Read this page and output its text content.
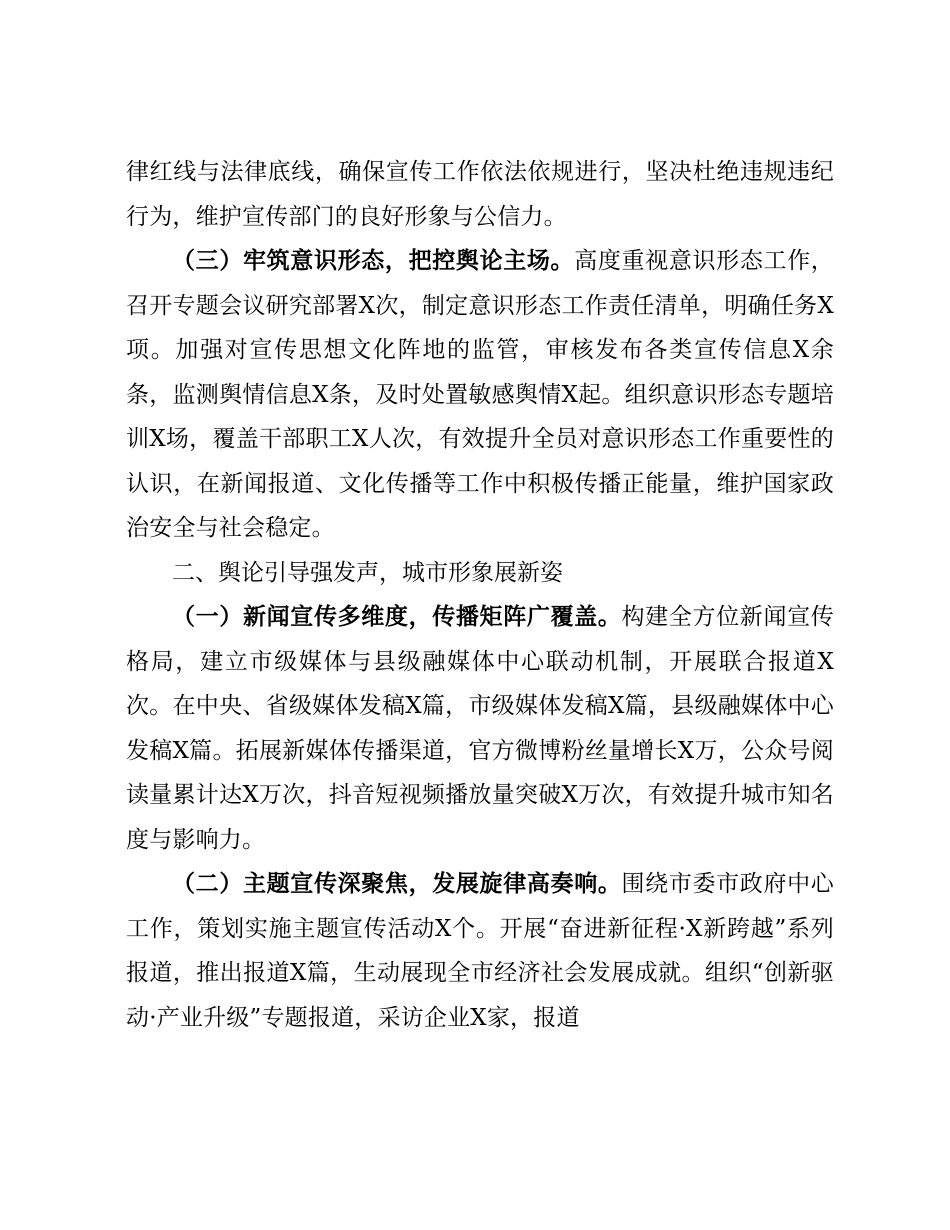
律红线与法律底线，确保宣传工作依法依规进行，坚决杜绝违规违纪行为，维护宣传部门的良好形象与公信力。

（三）牢筑意识形态，把控舆论主场。高度重视意识形态工作，召开专题会议研究部署X次，制定意识形态工作责任清单，明确任务X项。加强对宣传思想文化阵地的监管，审核发布各类宣传信息X余条，监测舆情信息X条，及时处置敏感舆情X起。组织意识形态专题培训X场，覆盖干部职工X人次，有效提升全员对意识形态工作重要性的认识，在新闻报道、文化传播等工作中积极传播正能量，维护国家政治安全与社会稳定。

二、舆论引导强发声，城市形象展新姿

（一）新闻宣传多维度，传播矩阵广覆盖。构建全方位新闻宣传格局，建立市级媒体与县级融媒体中心联动机制，开展联合报道X次。在中央、省级媒体发稿X篇，市级媒体发稿X篇，县级融媒体中心发稿X篇。拓展新媒体传播渠道，官方微博粉丝量增长X万，公众号阅读量累计达X万次，抖音短视频播放量突破X万次，有效提升城市知名度与影响力。

（二）主题宣传深聚焦，发展旋律高奏响。围绕市委市政府中心工作，策划实施主题宣传活动X个。开展“奋进新征程·X新跨越”系列报道，推出报道X篇，生动展现全市经济社会发展成就。组织“创新驱动·产业升级”专题报道，采访企业X家，报道
